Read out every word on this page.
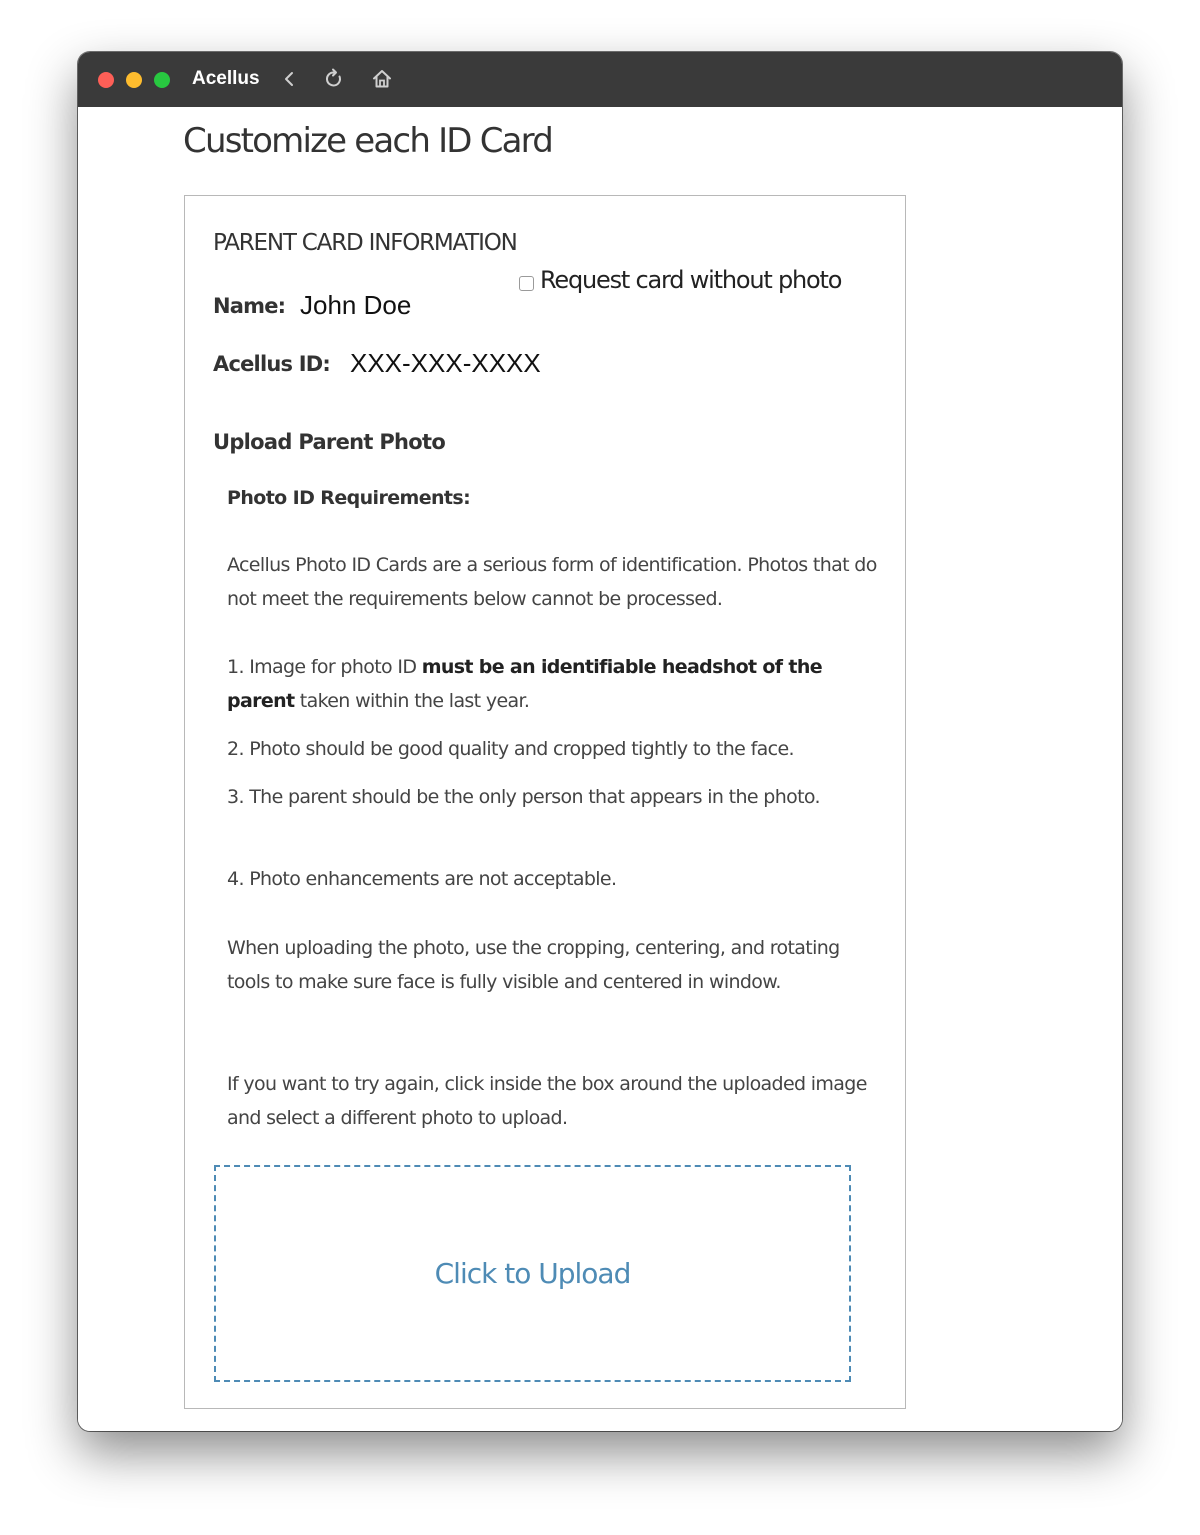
Acellus
Customize each ID Card
PARENT CARD INFORMATION
Request card without photo
Name: John Doe
Acellus ID: XXX-XXX-XXXX
Upload Parent Photo
Photo ID Requirements:
Acellus Photo ID Cards are a serious form of identification. Photos that do not meet the requirements below cannot be processed.
1. Image for photo ID must be an identifiable headshot of the parent taken within the last year.
2. Photo should be good quality and cropped tightly to the face.
3. The parent should be the only person that appears in the photo.
4. Photo enhancements are not acceptable.
When uploading the photo, use the cropping, centering, and rotating tools to make sure face is fully visible and centered in window.
If you want to try again, click inside the box around the uploaded image and select a different photo to upload.
Click to Upload
